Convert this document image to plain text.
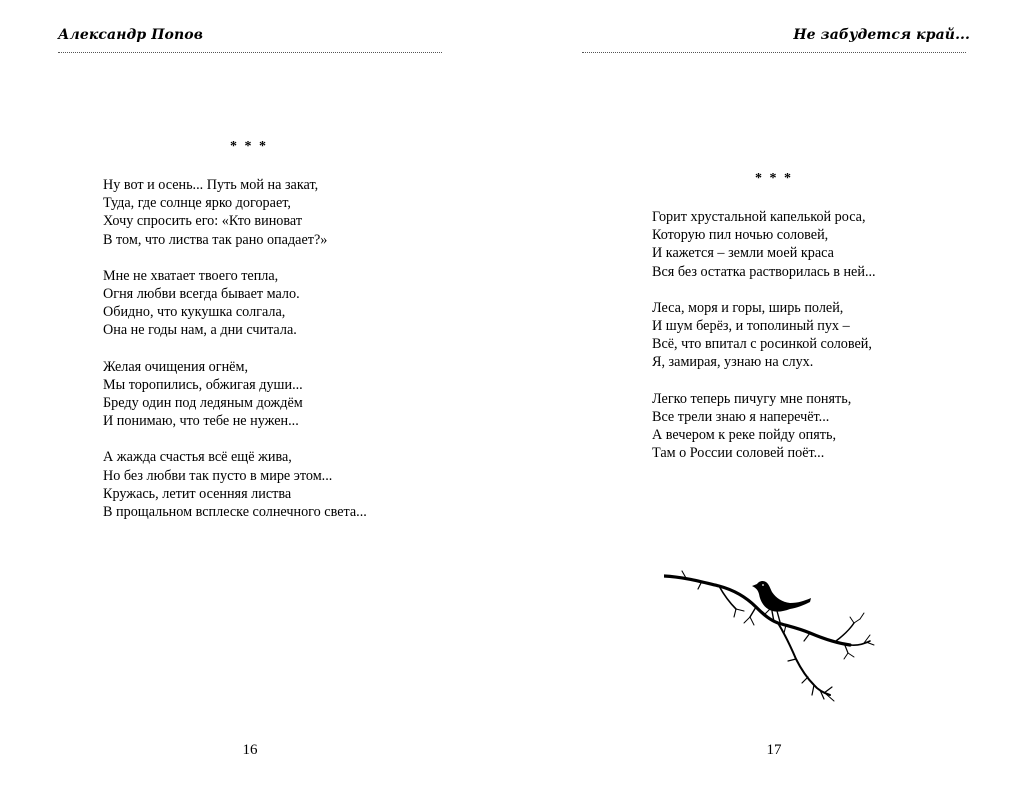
Александр Попов
* * *
Ну вот и осень... Путь мой на закат,
Туда, где солнце ярко догорает,
Хочу спросить его: «Кто виноват
В том, что листва так рано опадает?»
Мне не хватает твоего тепла,
Огня любви всегда бывает мало.
Обидно, что кукушка солгала,
Она не годы нам, а дни считала.
Желая очищения огнём,
Мы торопились, обжигая души...
Бреду один под ледяным дождём
И понимаю, что тебе не нужен...
А жажда счастья всё ещё жива,
Но без любви так пусто в мире этом...
Кружась, летит осенняя листва
В прощальном всплеске солнечного света...
16
Не забудется край...
* * *
Горит хрустальной капелькой роса,
Которую пил ночью соловей,
И кажется – земли моей краса
Вся без остатка растворилась в ней...
Леса, моря и горы, ширь полей,
И шум берёз, и тополиный пух –
Всё, что впитал с росинкой соловей,
Я, замирая, узнаю на слух.
Легко теперь пичугу мне понять,
Все трели знаю я наперечёт...
А вечером к реке пойду опять,
Там о России соловей поёт...
17
